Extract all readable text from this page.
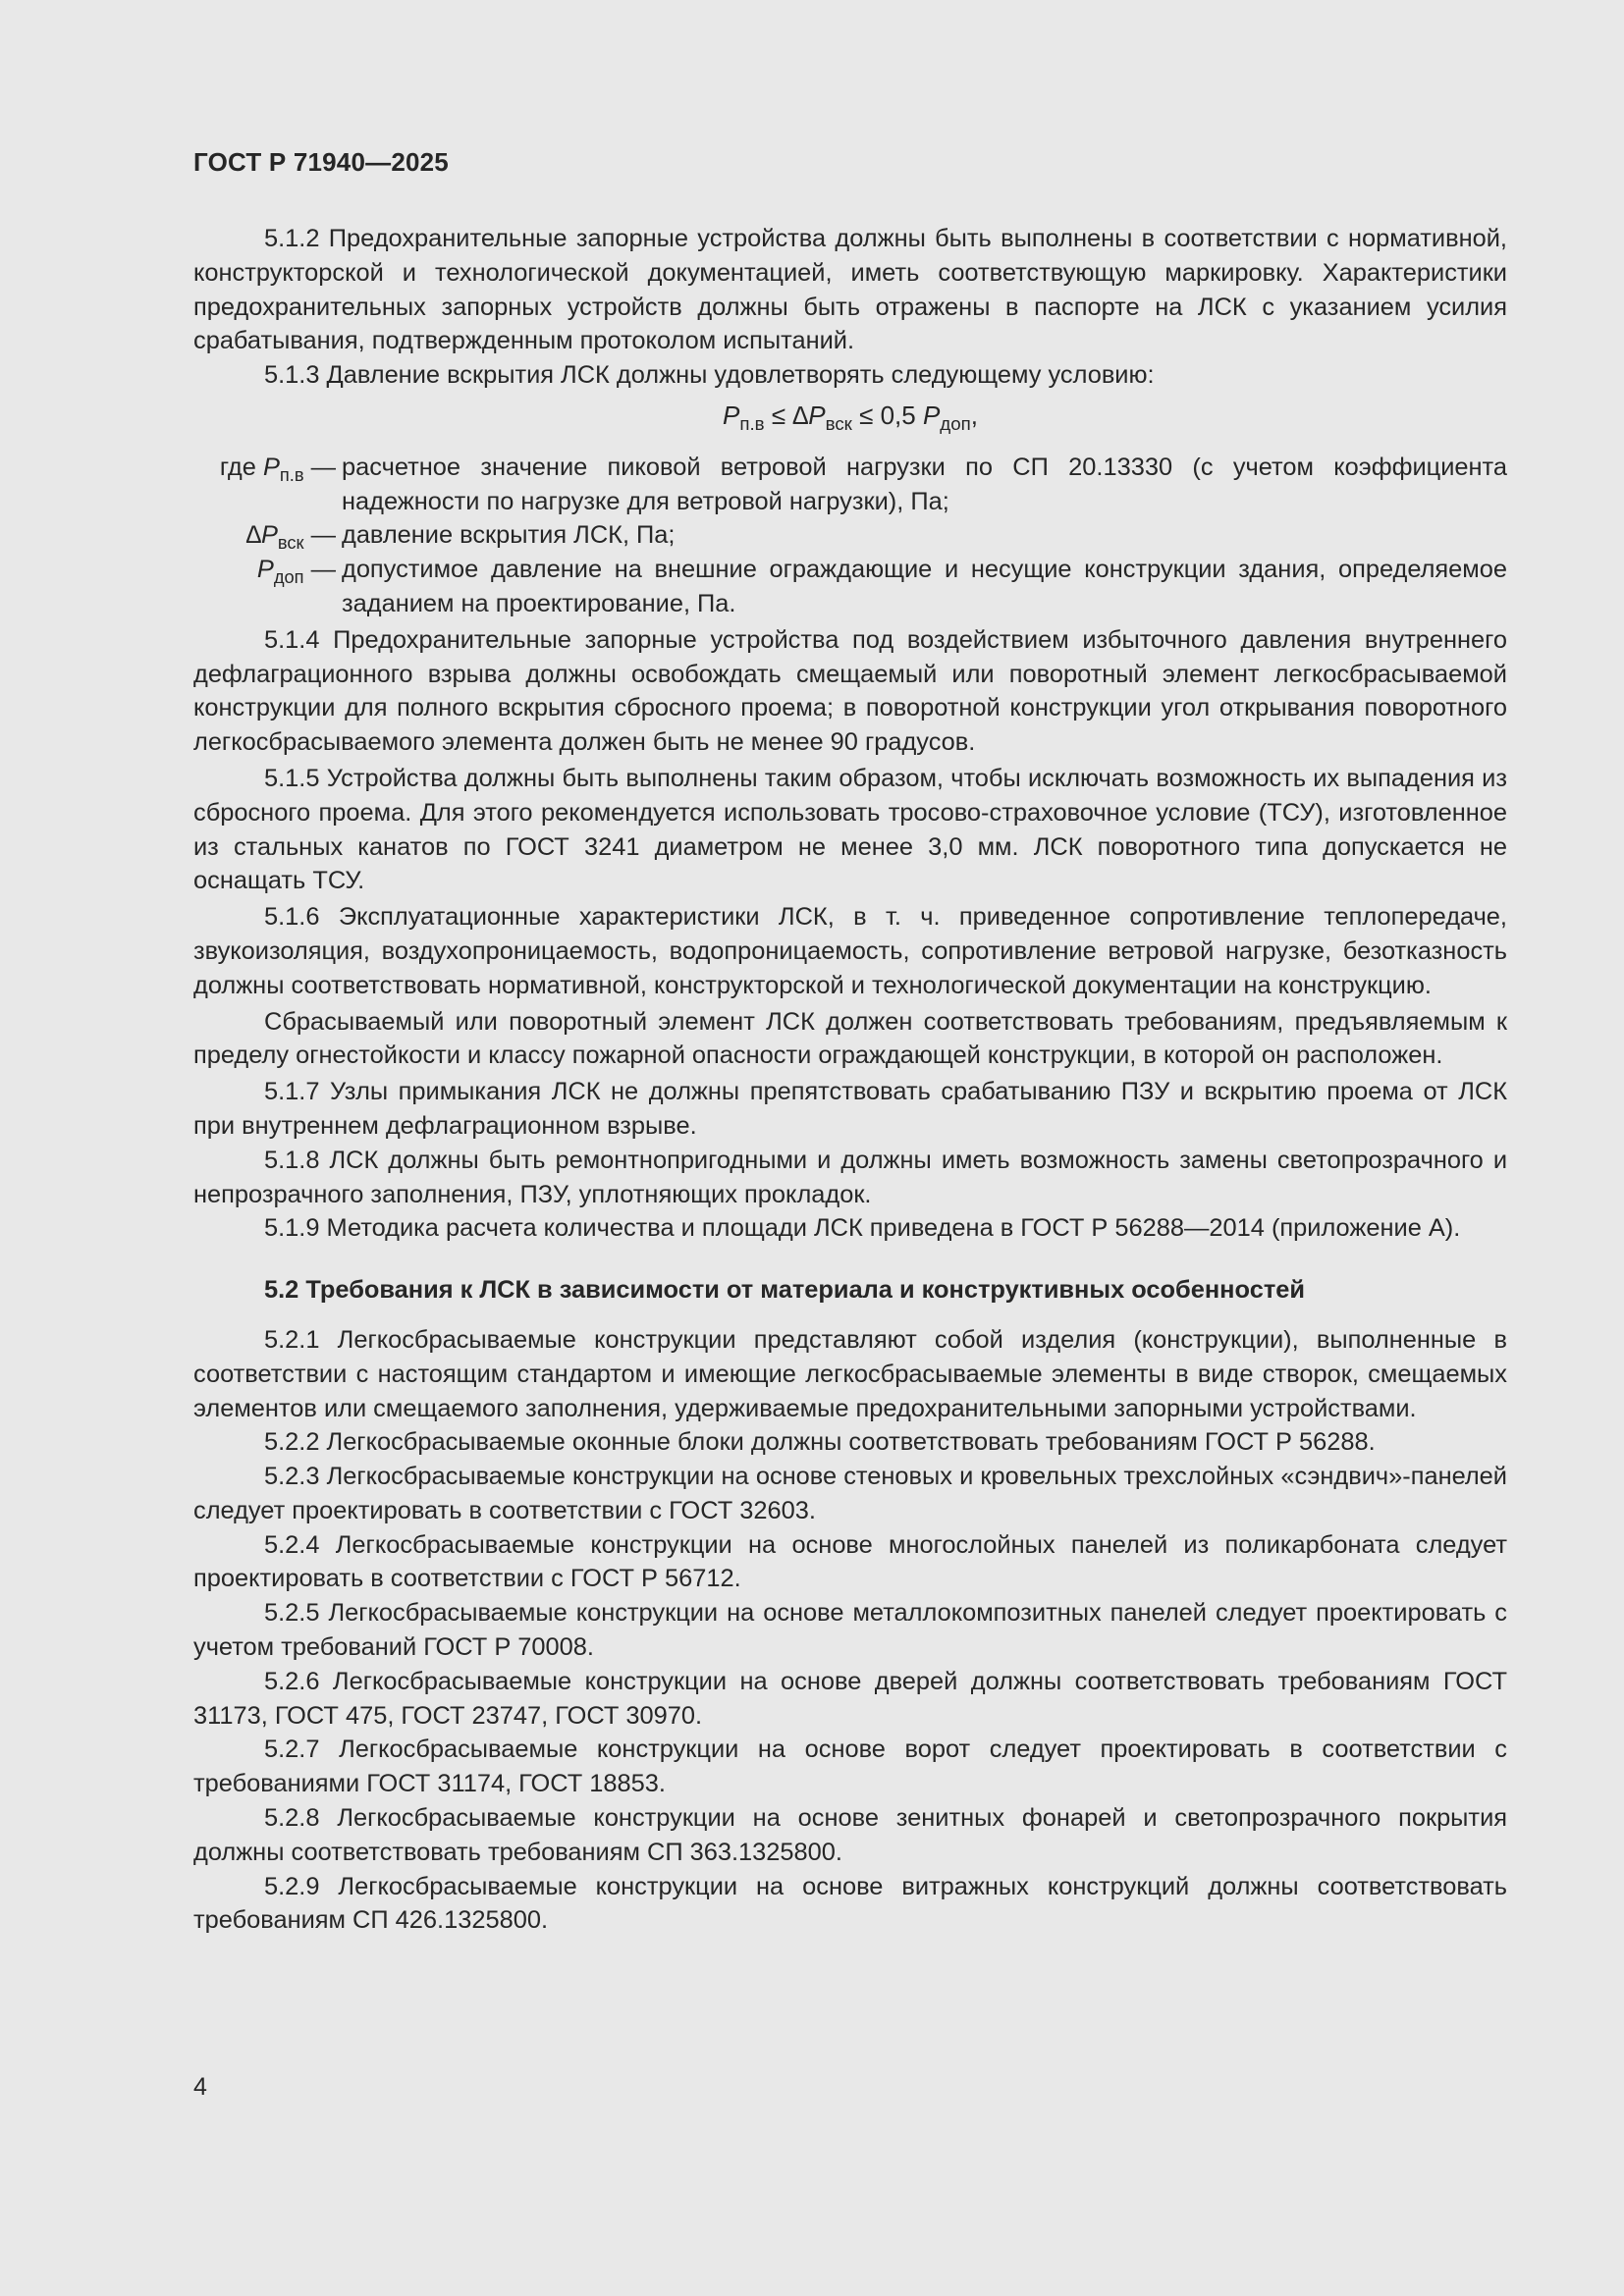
ГОСТ Р 71940—2025

5.1.2 Предохранительные запорные устройства должны быть выполнены в соответствии с нормативной, конструкторской и технологической документацией, иметь соответствующую маркировку. Характеристики предохранительных запорных устройств должны быть отражены в паспорте на ЛСК с указанием усилия срабатывания, подтвержденным протоколом испытаний.

5.1.3 Давление вскрытия ЛСК должны удовлетворять следующему условию:

$P_{п.в} \le \Delta P_{вск} \le 0,5$ $P_{доп}$,
где $P_{п.в}$ — расчетное значение пиковой ветровой нагрузки по СП 20.13330 (с учетом коэффициента надежности по нагрузке для ветровой нагрузки), Па;
$\Delta P_{вск}$ — давление вскрытия ЛСК, Па;
$P_{доп}$ — допустимое давление на внешние ограждающие и несущие конструкции здания, определяемое заданием на проектирование, Па.

5.1.4 Предохранительные запорные устройства под воздействием избыточного давления внутреннего дефлаграционного взрыва должны освобождать смещаемый или поворотный элемент легкосбрасываемой конструкции для полного вскрытия сбросного проема; в поворотной конструкции угол открывания поворотного легкосбрасываемого элемента должен быть не менее 90 градусов.

5.1.5 Устройства должны быть выполнены таким образом, чтобы исключать возможность их выпадения из сбросного проема. Для этого рекомендуется использовать тросово-страховочное условие (ТСУ), изготовленное из стальных канатов по ГОСТ 3241 диаметром не менее 3,0 мм. ЛСК поворотного типа допускается не оснащать ТСУ.

5.1.6 Эксплуатационные характеристики ЛСК, в т. ч. приведенное сопротивление теплопередаче, звукоизоляция, воздухопроницаемость, водопроницаемость, сопротивление ветровой нагрузке, безотказность должны соответствовать нормативной, конструкторской и технологической документации на конструкцию.

Сбрасываемый или поворотный элемент ЛСК должен соответствовать требованиям, предъявляемым к пределу огнестойкости и классу пожарной опасности ограждающей конструкции, в которой он расположен.

5.1.7 Узлы примыкания ЛСК не должны препятствовать срабатыванию ПЗУ и вскрытию проема от ЛСК при внутреннем дефлаграционном взрыве.

5.1.8 ЛСК должны быть ремонтнопригодными и должны иметь возможность замены светопрозрачного и непрозрачного заполнения, ПЗУ, уплотняющих прокладок.

5.1.9 Методика расчета количества и площади ЛСК приведена в ГОСТ Р 56288—2014 (приложение А).

5.2 Требования к ЛСК в зависимости от материала и конструктивных особенностей

5.2.1 Легкосбрасываемые конструкции представляют собой изделия (конструкции), выполненные в соответствии с настоящим стандартом и имеющие легкосбрасываемые элементы в виде створок, смещаемых элементов или смещаемого заполнения, удерживаемые предохранительными запорными устройствами.

5.2.2 Легкосбрасываемые оконные блоки должны соответствовать требованиям ГОСТ Р 56288.

5.2.3 Легкосбрасываемые конструкции на основе стеновых и кровельных трехслойных «сэндвич»-панелей следует проектировать в соответствии с ГОСТ 32603.

5.2.4 Легкосбрасываемые конструкции на основе многослойных панелей из поликарбоната следует проектировать в соответствии с ГОСТ Р 56712.

5.2.5 Легкосбрасываемые конструкции на основе металлокомпозитных панелей следует проектировать с учетом требований ГОСТ Р 70008.

5.2.6 Легкосбрасываемые конструкции на основе дверей должны соответствовать требованиям ГОСТ 31173, ГОСТ 475, ГОСТ 23747, ГОСТ 30970.

5.2.7 Легкосбрасываемые конструкции на основе ворот следует проектировать в соответствии с требованиями ГОСТ 31174, ГОСТ 18853.

5.2.8 Легкосбрасываемые конструкции на основе зенитных фонарей и светопрозрачного покрытия должны соответствовать требованиям СП 363.1325800.

5.2.9 Легкосбрасываемые конструкции на основе витражных конструкций должны соответствовать требованиям СП 426.1325800.

4
